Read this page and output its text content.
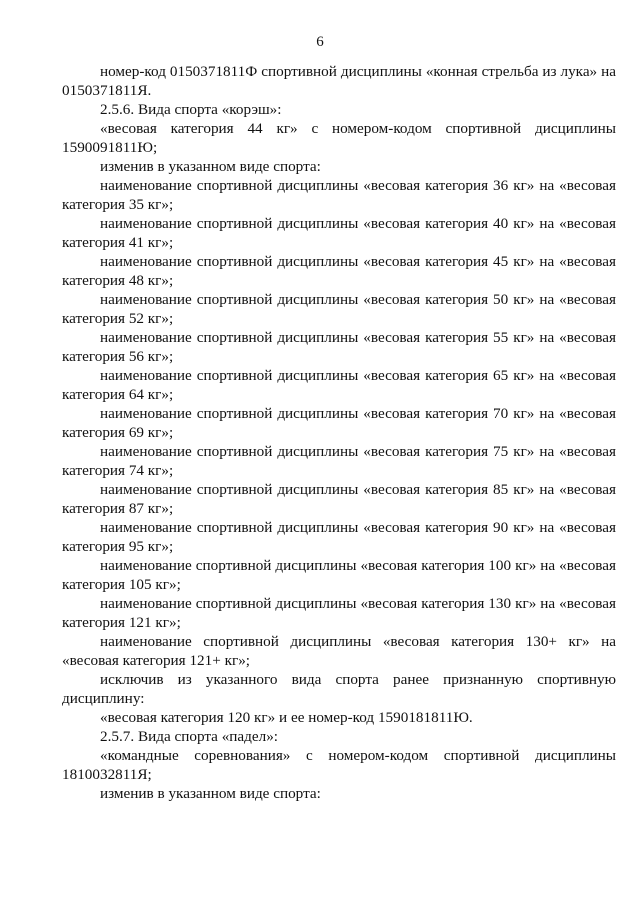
6

номер-код 0150371811Ф спортивной дисциплины «конная стрельба из лука» на 0150371811Я.

2.5.6. Вида спорта «корэш»:

«весовая категория 44 кг» с номером-кодом спортивной дисциплины 1590091811Ю;

изменив в указанном виде спорта:

наименование спортивной дисциплины «весовая категория 36 кг» на «весовая категория 35 кг»;

наименование спортивной дисциплины «весовая категория 40 кг» на «весовая категория 41 кг»;

наименование спортивной дисциплины «весовая категория 45 кг» на «весовая категория 48 кг»;

наименование спортивной дисциплины «весовая категория 50 кг» на «весовая категория 52 кг»;

наименование спортивной дисциплины «весовая категория 55 кг» на «весовая категория 56 кг»;

наименование спортивной дисциплины «весовая категория 65 кг» на «весовая категория 64 кг»;

наименование спортивной дисциплины «весовая категория 70 кг» на «весовая категория 69 кг»;

наименование спортивной дисциплины «весовая категория 75 кг» на «весовая категория 74 кг»;

наименование спортивной дисциплины «весовая категория 85 кг» на «весовая категория 87 кг»;

наименование спортивной дисциплины «весовая категория 90 кг» на «весовая категория 95 кг»;

наименование спортивной дисциплины «весовая категория 100 кг» на «весовая категория 105 кг»;

наименование спортивной дисциплины «весовая категория 130 кг» на «весовая категория 121 кг»;

наименование спортивной дисциплины «весовая категория 130+ кг» на «весовая категория 121+ кг»;

исключив из указанного вида спорта ранее признанную спортивную дисциплину:

«весовая категория 120 кг» и ее номер-код 1590181811Ю.

2.5.7. Вида спорта «падел»:

«командные соревнования» с номером-кодом спортивной дисциплины 1810032811Я;

изменив в указанном виде спорта:
